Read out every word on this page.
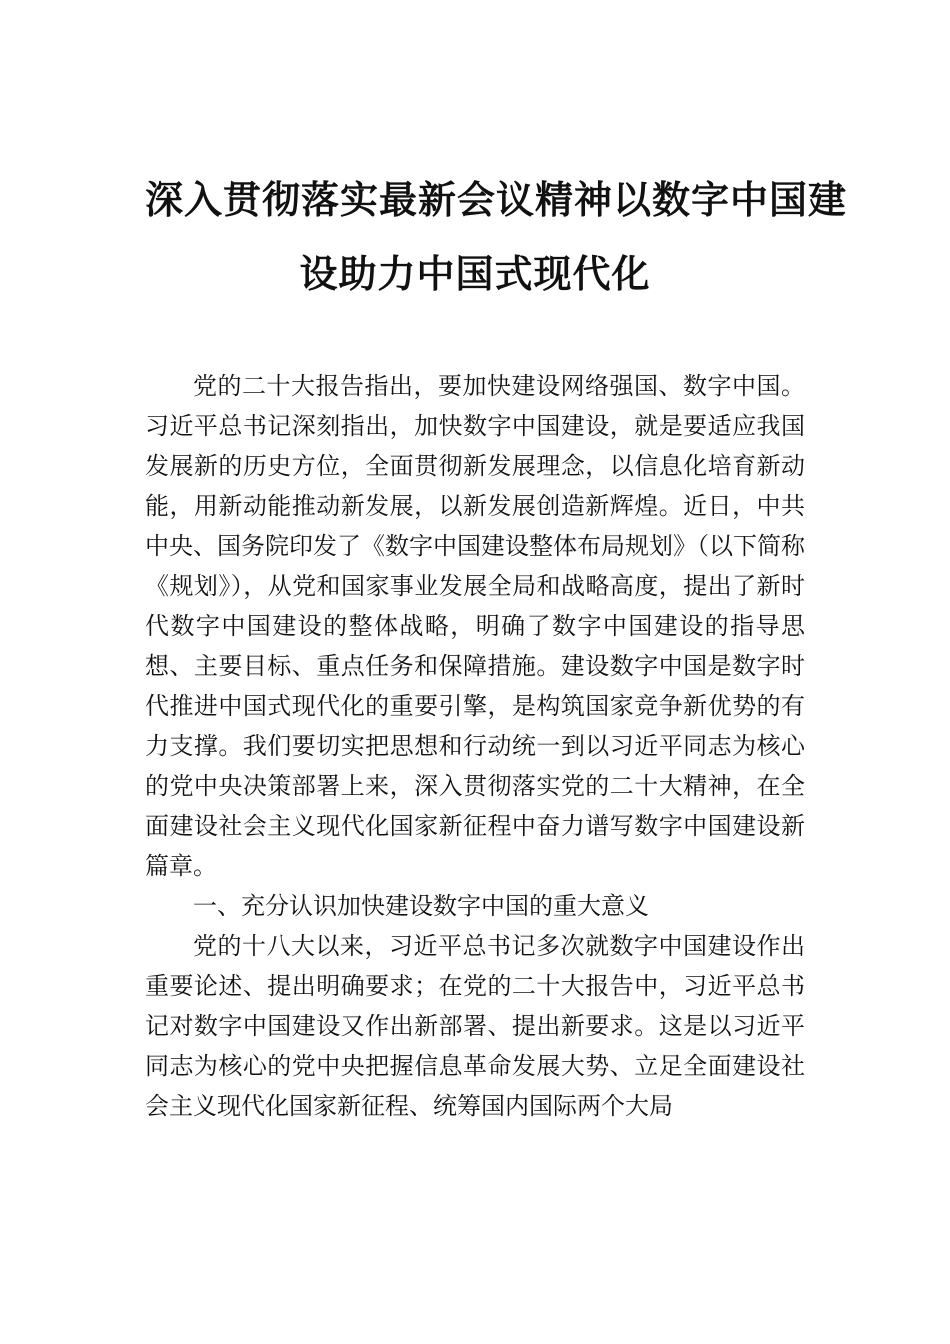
深入贯彻落实最新会议精神以数字中国建
设助力中国式现代化

党的二十大报告指出，要加快建设网络强国、数字中国。习近平总书记深刻指出，加快数字中国建设，就是要适应我国发展新的历史方位，全面贯彻新发展理念，以信息化培育新动能，用新动能推动新发展，以新发展创造新辉煌。近日，中共中央、国务院印发了《数字中国建设整体布局规划》（以下简称《规划》），从党和国家事业发展全局和战略高度，提出了新时代数字中国建设的整体战略，明确了数字中国建设的指导思想、主要目标、重点任务和保障措施。建设数字中国是数字时代推进中国式现代化的重要引擎，是构筑国家竞争新优势的有力支撑。我们要切实把思想和行动统一到以习近平同志为核心的党中央决策部署上来，深入贯彻落实党的二十大精神，在全面建设社会主义现代化国家新征程中奋力谱写数字中国建设新篇章。

一、充分认识加快建设数字中国的重大意义

党的十八大以来，习近平总书记多次就数字中国建设作出重要论述、提出明确要求；在党的二十大报告中，习近平总书记对数字中国建设又作出新部署、提出新要求。这是以习近平同志为核心的党中央把握信息革命发展大势、立足全面建设社会主义现代化国家新征程、统筹国内国际两个大局
